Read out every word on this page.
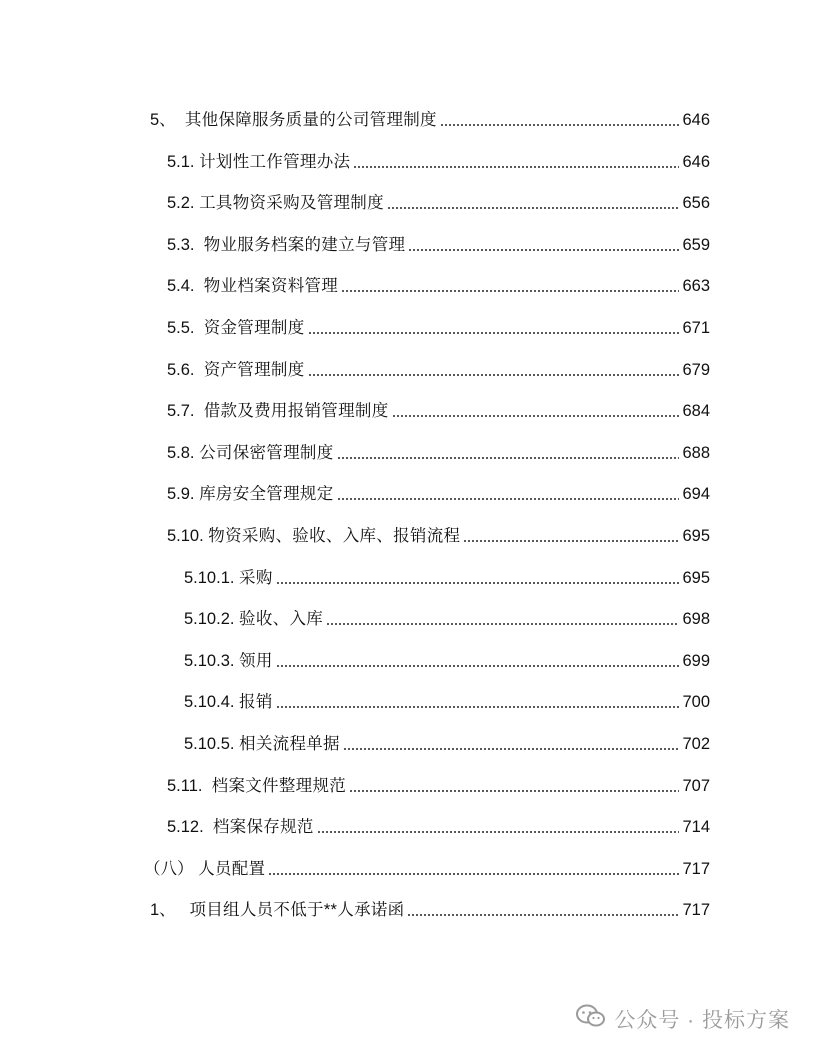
5、 其他保障服务质量的公司管理制度	646
5.1. 计划性工作管理办法	646
5.2. 工具物资采购及管理制度	656
5.3. 物业服务档案的建立与管理	659
5.4. 物业档案资料管理	663
5.5. 资金管理制度	671
5.6. 资产管理制度	679
5.7. 借款及费用报销管理制度	684
5.8. 公司保密管理制度	688
5.9. 库房安全管理规定	694
5.10. 物资采购、验收、入库、报销流程	695
5.10.1. 采购	695
5.10.2. 验收、入库	698
5.10.3. 领用	699
5.10.4. 报销	700
5.10.5. 相关流程单据	702
5.11. 档案文件整理规范	707
5.12. 档案保存规范	714
（八） 人员配置	717
1、 项目组人员不低于**人承诺函	717
公众号 · 投标方案
